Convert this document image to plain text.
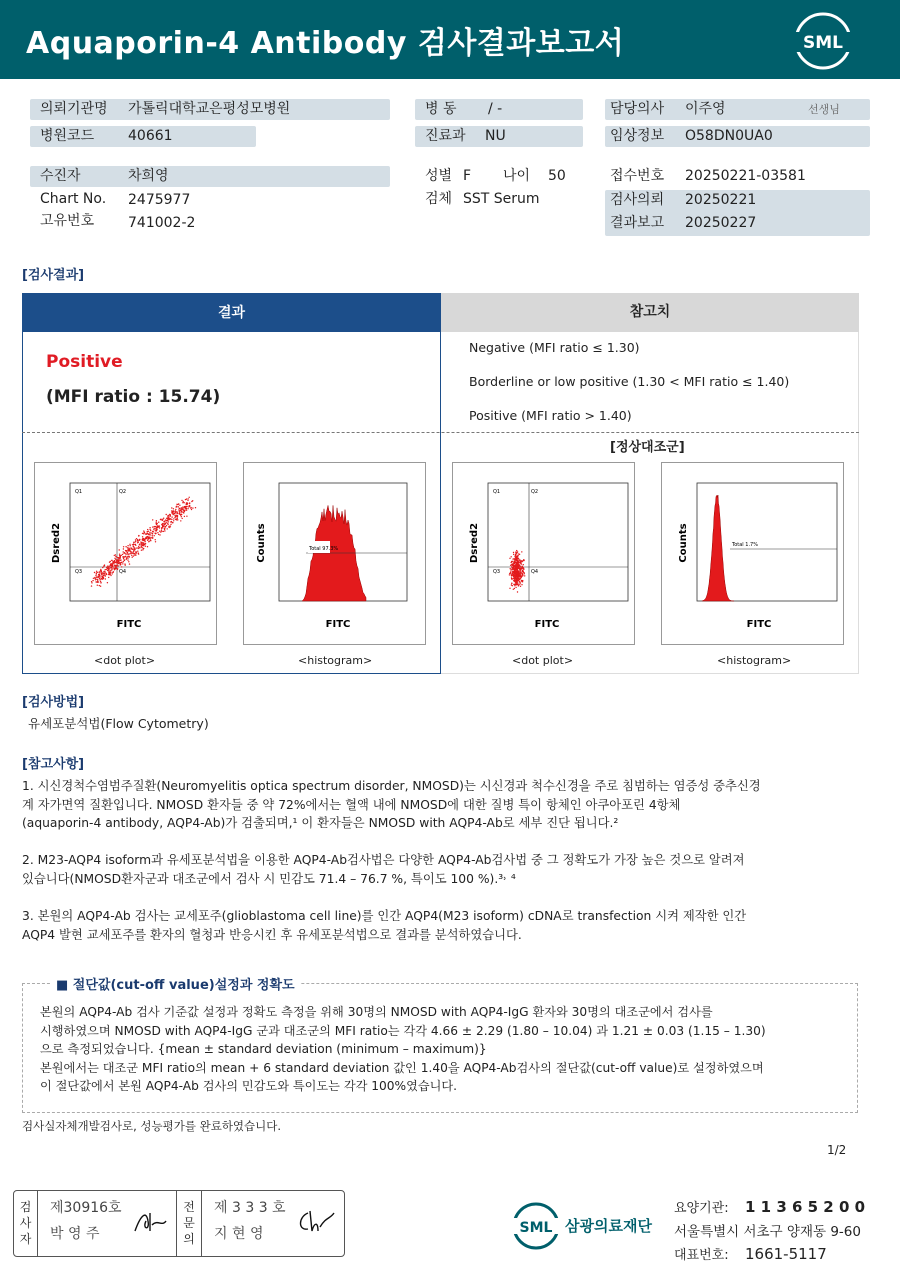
Aquaporin-4 Antibody 검사결과보고서	SML
의뢰기관명 가톨릭대학교은평성모병원
병원코드 40661
병 동 / -
진료과 NU
담당의사 이주영	선생님
임상정보 O58DN0UA0
수진자	차희영
Chart No. 2475977
고유번호 741002-2
성별 F 나이 50
검체 SST Serum
접수번호 20250221-03581
검사의뢰 20250221
결과보고 20250227
[검사결과]
결과
Positive
(MFI ratio : 15.74)
참고치
Negative (MFI ratio ≤ 1.30)
Borderline or low positive (1.30 < MFI ratio ≤ 1.40)
Positive (MFI ratio > 1.40)
[정상대조군]
Q1	Q2
Q3	Q4
FITC
Dsred2
<dot plot>
Total 97.3%
FITC
Counts
<histogram>
Q1	Q2
Q3	Q4
FITC
Dsred2
<dot plot>
Total 1.7%
FITC
Counts
<histogram>
[검사방법]
유세포분석법(Flow Cytometry)
[참고사항]
1. 시신경척수염범주질환(Neuromyelitis optica spectrum disorder, NMOSD)는 시신경과 척수신경을 주로 침범하는 염증성 중추신경
계 자가면역 질환입니다. NMOSD 환자들 중 약 72%에서는 혈액 내에 NMOSD에 대한 질병 특이 항체인 아쿠아포린 4항체
(aquaporin-4 antibody, AQP4-Ab)가 검출되며,¹ 이 환자들은 NMOSD with AQP4-Ab로 세부 진단 됩니다.²
2. M23-AQP4 isoform과 유세포분석법을 이용한 AQP4-Ab검사법은 다양한 AQP4-Ab검사법 중 그 정확도가 가장 높은 것으로 알려져
있습니다(NMOSD환자군과 대조군에서 검사 시 민감도 71.4 – 76.7 %, 특이도 100 %).³˒ ⁴
3. 본원의 AQP4-Ab 검사는 교세포주(glioblastoma cell line)를 인간 AQP4(M23 isoform) cDNA로 transfection 시켜 제작한 인간
AQP4 발현 교세포주를 환자의 혈청과 반응시킨 후 유세포분석법으로 결과를 분석하였습니다.
■ 절단값(cut-off value)설정과 정확도
본원의 AQP4-Ab 검사 기준값 설정과 정확도 측정을 위해 30명의 NMOSD with AQP4-IgG 환자와 30명의 대조군에서 검사를
시행하였으며 NMOSD with AQP4-IgG 군과 대조군의 MFI ratio는 각각 4.66 ± 2.29 (1.80 – 10.04) 과 1.21 ± 0.03 (1.15 – 1.30)
으로 측정되었습니다. {mean ± standard deviation (minimum – maximum)}
본원에서는 대조군 MFI ratio의 mean + 6 standard deviation 값인 1.40을 AQP4-Ab검사의 절단값(cut-off value)로 설정하였으며
이 절단값에서 본원 AQP4-Ab 검사의 민감도와 특이도는 각각 100%였습니다.
검사실자체개발검사로, 성능평가를 완료하였습니다.
1/2
검 사 자
제30916호
박 영 주
전 문 의
제 3 3 3 호
지 현 영	SML 삼광의료재단
요양기관: 1 1 3 6 5 2 0 0
서울특별시 서초구 양재동 9-60
대표번호: 1661-5117
